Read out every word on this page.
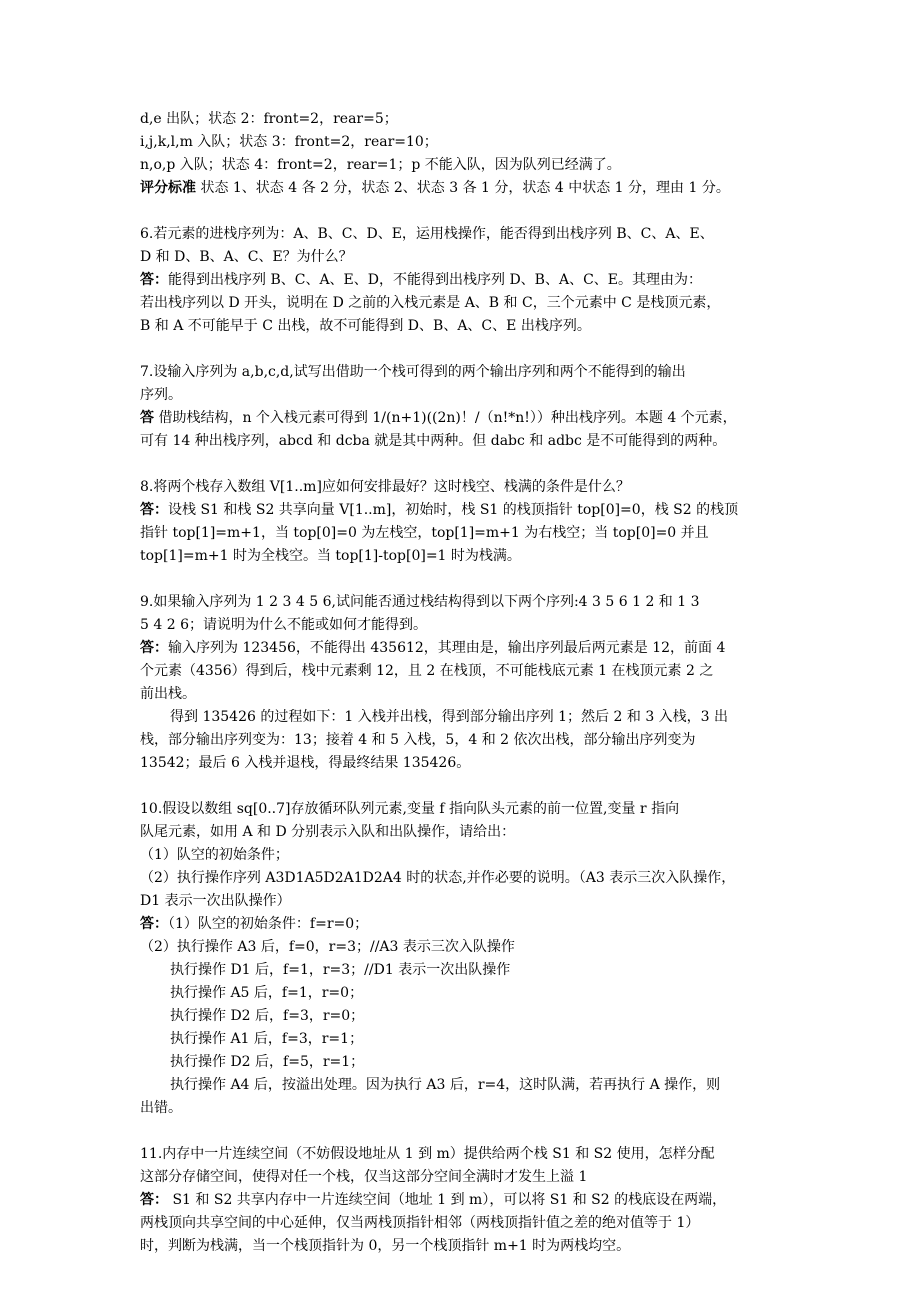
d,e 出队；状态 2：front=2，rear=5；
i,j,k,l,m 入队；状态 3：front=2，rear=10；
n,o,p 入队；状态 4：front=2，rear=1；p 不能入队，因为队列已经满了。
评分标准 状态 1、状态 4 各 2 分，状态 2、状态 3 各 1 分，状态 4 中状态 1 分，理由 1 分。
6.若元素的进栈序列为：A、B、C、D、E，运用栈操作，能否得到出栈序列 B、C、A、E、
D 和 D、B、A、C、E？为什么？
答：能得到出栈序列 B、C、A、E、D，不能得到出栈序列 D、B、A、C、E。其理由为：
若出栈序列以 D 开头，说明在 D 之前的入栈元素是 A、B 和 C，三个元素中 C 是栈顶元素，
B 和 A 不可能早于 C 出栈，故不可能得到 D、B、A、C、E 出栈序列。
7.设输入序列为 a,b,c,d,试写出借助一个栈可得到的两个输出序列和两个不能得到的输出
序列。
答 借助栈结构，n 个入栈元素可得到 1/(n+1)((2n)！/（n!*n!））种出栈序列。本题 4 个元素，
可有 14 种出栈序列，abcd 和 dcba 就是其中两种。但 dabc 和 adbc 是不可能得到的两种。
8.将两个栈存入数组 V[1..m]应如何安排最好？这时栈空、栈满的条件是什么？
答：设栈 S1 和栈 S2 共享向量 V[1..m]，初始时，栈 S1 的栈顶指针 top[0]=0，栈 S2 的栈顶
指针 top[1]=m+1，当 top[0]=0 为左栈空，top[1]=m+1 为右栈空；当 top[0]=0 并且
top[1]=m+1 时为全栈空。当 top[1]-top[0]=1 时为栈满。
9.如果输入序列为 1 2 3 4 5 6,试问能否通过栈结构得到以下两个序列:4 3 5 6 1 2 和 1 3
5 4 2 6；请说明为什么不能或如何才能得到。
答：输入序列为 123456，不能得出 435612，其理由是，输出序列最后两元素是 12，前面 4
个元素（4356）得到后，栈中元素剩 12，且 2 在栈顶，不可能栈底元素 1 在栈顶元素 2 之
前出栈。
得到 135426 的过程如下：1 入栈并出栈，得到部分输出序列 1；然后 2 和 3 入栈，3 出
栈，部分输出序列变为：13；接着 4 和 5 入栈，5，4 和 2 依次出栈，部分输出序列变为
13542；最后 6 入栈并退栈，得最终结果 135426。
10.假设以数组 sq[0..7]存放循环队列元素,变量 f 指向队头元素的前一位置,变量 r 指向
队尾元素，如用 A 和 D 分别表示入队和出队操作，请给出：
（1）队空的初始条件；
（2）执行操作序列 A3D1A5D2A1D2A4 时的状态,并作必要的说明。（A3 表示三次入队操作，
D1 表示一次出队操作）
答：（1）队空的初始条件：f=r=0；
（2）执行操作 A3 后，f=0，r=3；//A3 表示三次入队操作
执行操作 D1 后，f=1，r=3；//D1 表示一次出队操作
执行操作 A5 后，f=1，r=0；
执行操作 D2 后，f=3，r=0；
执行操作 A1 后，f=3，r=1；
执行操作 D2 后，f=5，r=1；
执行操作 A4 后，按溢出处理。因为执行 A3 后，r=4，这时队满，若再执行 A 操作，则
出错。
11.内存中一片连续空间（不妨假设地址从 1 到 m）提供给两个栈 S1 和 S2 使用，怎样分配
这部分存储空间，使得对任一个栈，仅当这部分空间全满时才发生上溢 1
答： S1 和 S2 共享内存中一片连续空间（地址 1 到 m），可以将 S1 和 S2 的栈底设在两端，
两栈顶向共享空间的中心延伸，仅当两栈顶指针相邻（两栈顶指针值之差的绝对值等于 1）
时，判断为栈满，当一个栈顶指针为 0，另一个栈顶指针 m+1 时为两栈均空。
